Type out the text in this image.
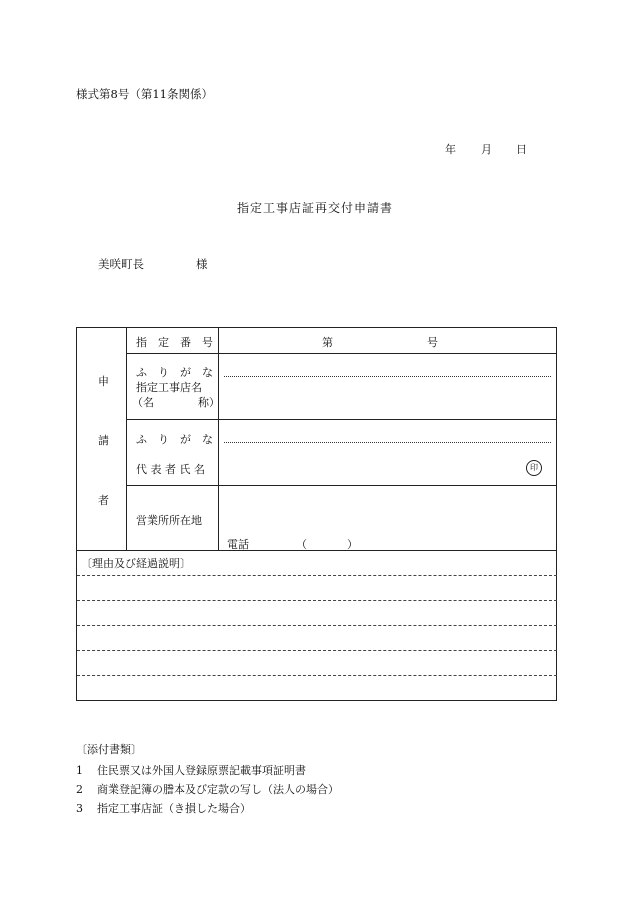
様式第8号（第11条関係）
年 月 日
指定工事店証再交付申請書
美咲町長	様
申
請
者
指　定　番　号	第	号
ふ　り　が　な
指定工事店名
（名　　　　称）
ふ　り　が　な
代 表 者 氏 名	印
営業所所在地
電話	（	）
〔理由及び経過説明〕
〔添付書類〕
1 住民票又は外国人登録原票記載事項証明書
2 商業登記簿の謄本及び定款の写し（法人の場合）
3 指定工事店証（き損した場合）
